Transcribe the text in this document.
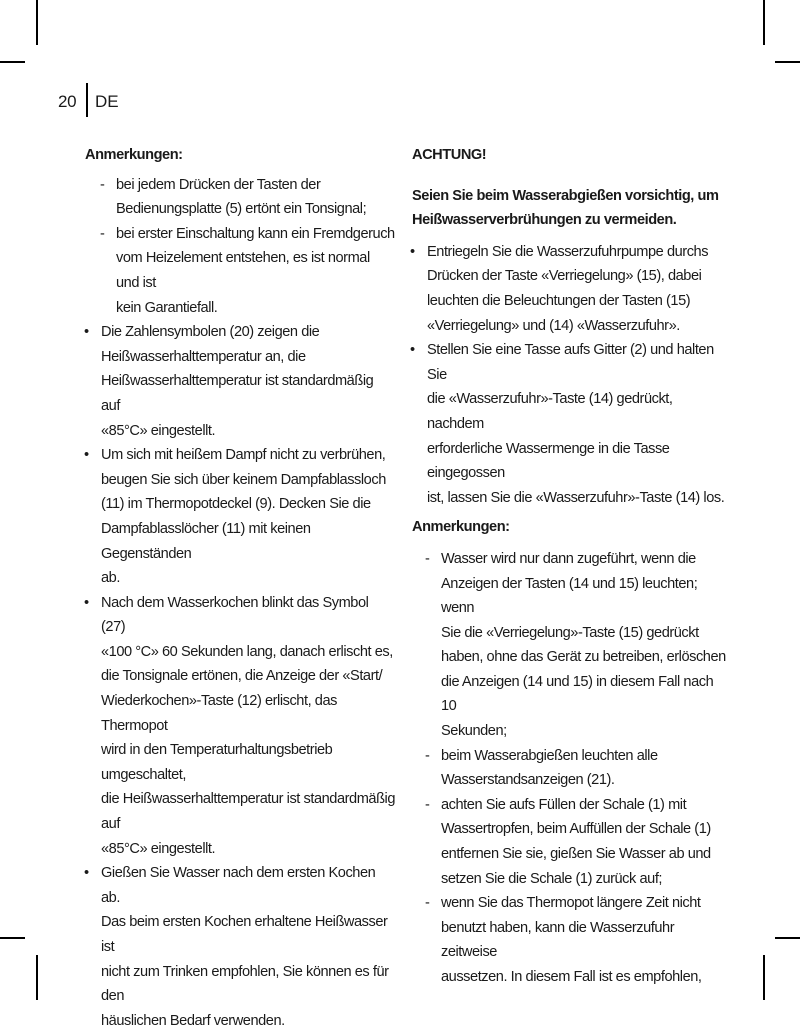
20 DE

Anmerkungen:

- bei jedem Drücken der Tasten der

Bedienungsplatte (5) ertönt ein Tonsignal;

- bei erster Einschaltung kann ein Fremdgeruch

vom Heizelement entstehen, es ist normal und ist

kein Garantiefall.

• Die Zahlensymbolen (20) zeigen die

Heißwasserhalttemperatur an, die

Heißwasserhalttemperatur ist standardmäßig auf

«85°C» eingestellt.

• Um sich mit heißem Dampf nicht zu verbrühen,

beugen Sie sich über keinem Dampfablassloch

(11) im Thermopotdeckel (9). Decken Sie die

Dampfablasslöcher (11) mit keinen Gegenständen

ab.

• Nach dem Wasserkochen blinkt das Symbol (27)

«100 °C» 60 Sekunden lang, danach erlischt es,

die Tonsignale ertönen, die Anzeige der «Start/

Wiederkochen»-Taste (12) erlischt, das Thermopot

wird in den Temperaturhaltungsbetrieb umgeschaltet,

die Heißwasserhalttemperatur ist standardmäßig auf

«85°C» eingestellt.

• Gießen Sie Wasser nach dem ersten Kochen ab.

Das beim ersten Kochen erhaltene Heißwasser ist

nicht zum Trinken empfohlen, Sie können es für den

häuslichen Bedarf verwenden.

ACHTUNG!

Seien Sie beim Wasserabgießen vorsichtig, um

Heißwasserverbrühungen zu vermeiden.

• Entriegeln Sie die Wasserzufuhrpumpe durchs

Drücken der Taste «Verriegelung» (15), dabei

leuchten die Beleuchtungen der Tasten (15)

«Verriegelung» und (14) «Wasserzufuhr».

• Stellen Sie eine Tasse aufs Gitter (2) und halten Sie

die «Wasserzufuhr»-Taste (14) gedrückt, nachdem

erforderliche Wassermenge in die Tasse eingegossen

ist, lassen Sie die «Wasserzufuhr»-Taste (14) los.

Anmerkungen:

- Wasser wird nur dann zugeführt, wenn die

Anzeigen der Tasten (14 und 15) leuchten; wenn

Sie die «Verriegelung»-Taste (15) gedrückt

haben, ohne das Gerät zu betreiben, erlöschen

die Anzeigen (14 und 15) in diesem Fall nach 10

Sekunden;

- beim Wasserabgießen leuchten alle

Wasserstandsanzeigen (21).

- achten Sie aufs Füllen der Schale (1) mit

Wassertropfen, beim Auffüllen der Schale (1)

entfernen Sie sie, gießen Sie Wasser ab und

setzen Sie die Schale (1) zurück auf;

- wenn Sie das Thermopot längere Zeit nicht

benutzt haben, kann die Wasserzufuhr zeitweise

aussetzen. In diesem Fall ist es empfohlen,
